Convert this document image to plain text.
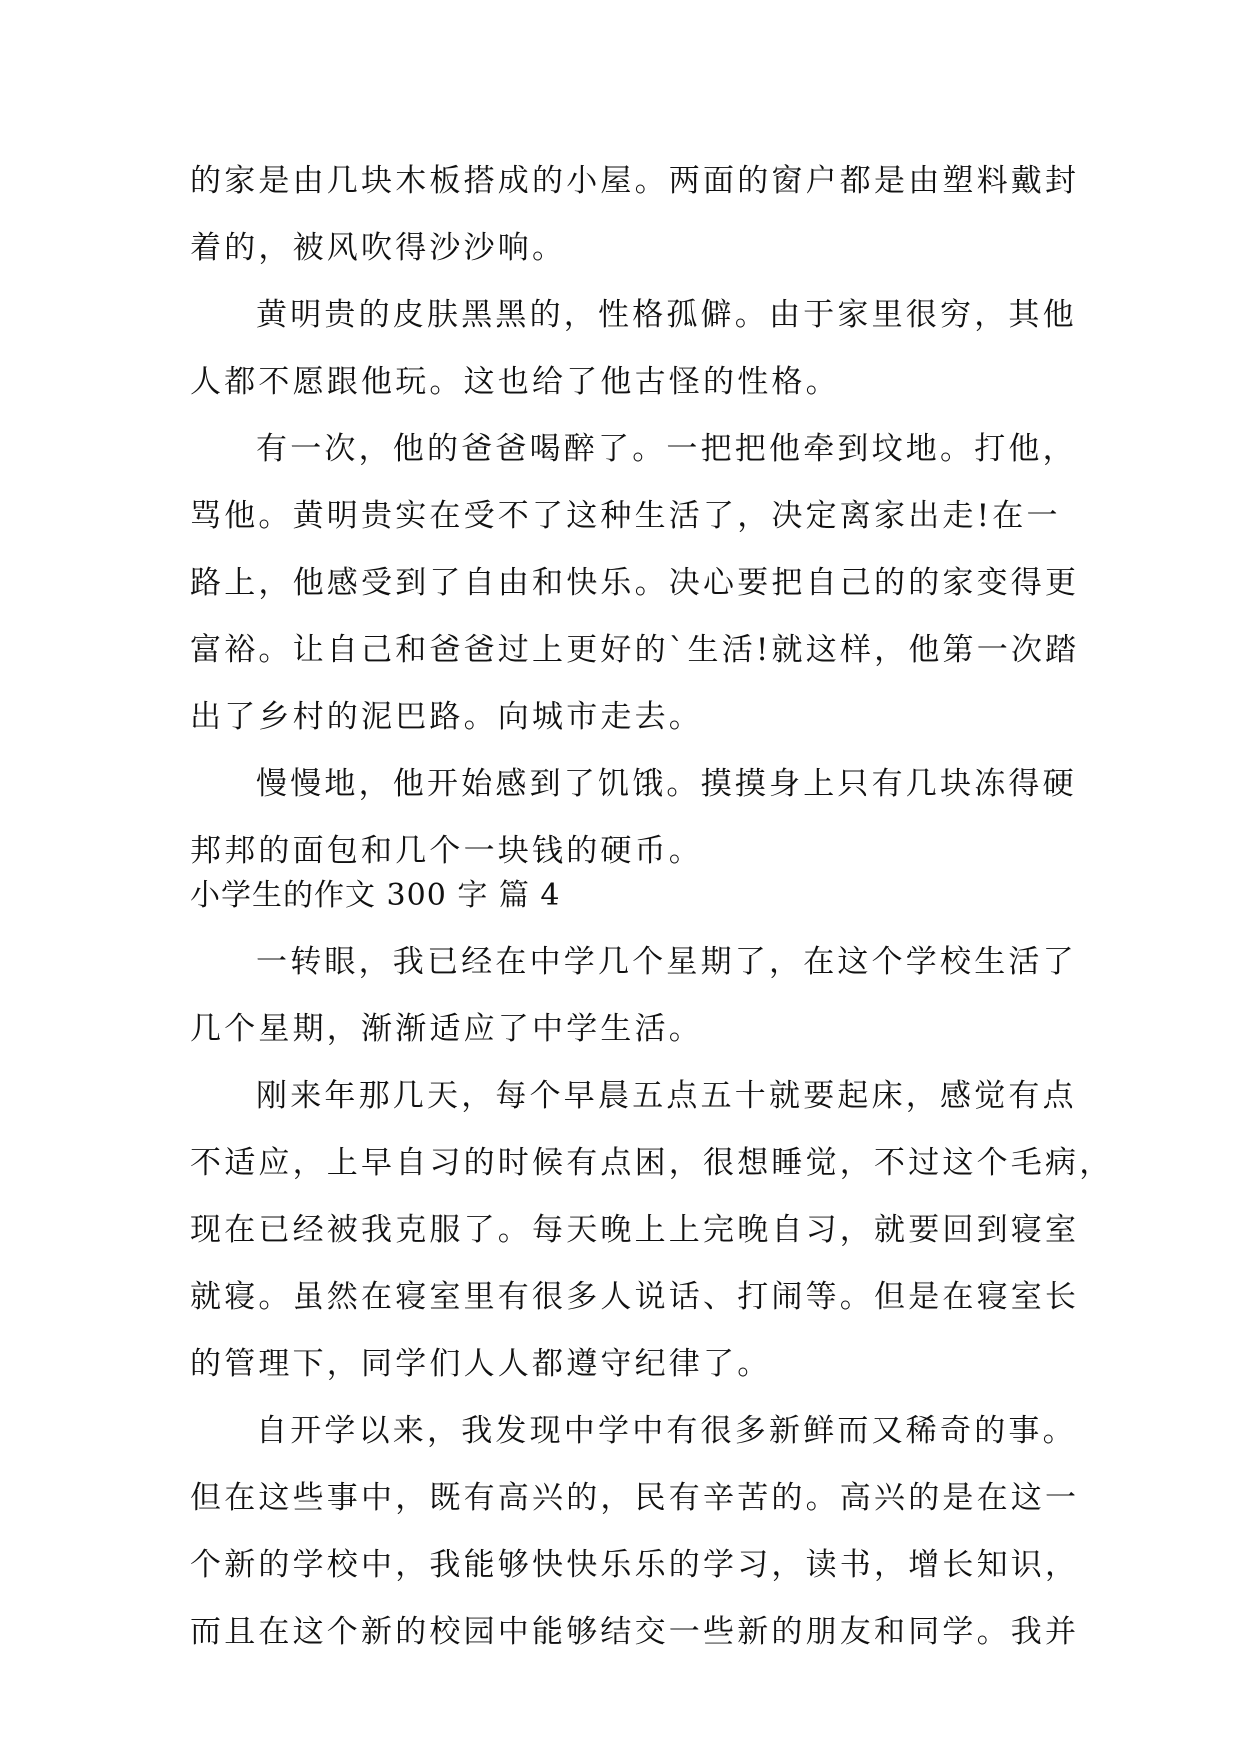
的家是由几块木板搭成的小屋。两面的窗户都是由塑料戴封
着的，被风吹得沙沙响。
黄明贵的皮肤黑黑的，性格孤僻。由于家里很穷，其他
人都不愿跟他玩。这也给了他古怪的性格。
有一次，他的爸爸喝醉了。一把把他牵到坟地。打他，
骂他。黄明贵实在受不了这种生活了，决定离家出走!在一
路上，他感受到了自由和快乐。决心要把自己的的家变得更
富裕。让自己和爸爸过上更好的`生活!就这样，他第一次踏
出了乡村的泥巴路。向城市走去。
慢慢地，他开始感到了饥饿。摸摸身上只有几块冻得硬
邦邦的面包和几个一块钱的硬币。
小学生的作文 300 字 篇 4
一转眼，我已经在中学几个星期了，在这个学校生活了
几个星期，渐渐适应了中学生活。
刚来年那几天，每个早晨五点五十就要起床，感觉有点
不适应，上早自习的时候有点困，很想睡觉，不过这个毛病，
现在已经被我克服了。每天晚上上完晚自习，就要回到寝室
就寝。虽然在寝室里有很多人说话、打闹等。但是在寝室长
的管理下，同学们人人都遵守纪律了。
自开学以来，我发现中学中有很多新鲜而又稀奇的事。
但在这些事中，既有高兴的，民有辛苦的。高兴的是在这一
个新的学校中，我能够快快乐乐的学习，读书，增长知识，
而且在这个新的校园中能够结交一些新的朋友和同学。我并
